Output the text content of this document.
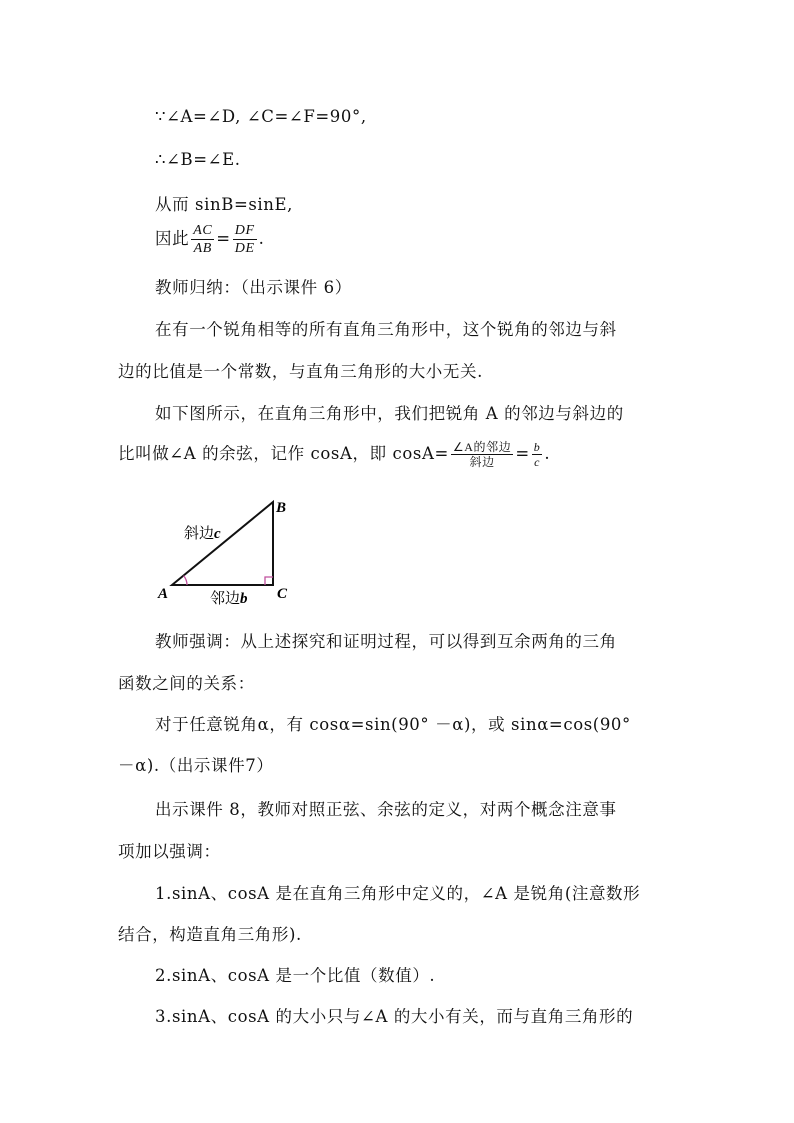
∵∠A=∠D, ∠C=∠F=90°,
∴∠B=∠E.
从而 sinB=sinE,
因此 $\frac{AC}{AB} = \frac{DF}{DE}$ .
教师归纳：（出示课件 6）
在有一个锐角相等的所有直角三角形中，这个锐角的邻边与斜
边的比值是一个常数，与直角三角形的大小无关.
如下图所示，在直角三角形中，我们把锐角 A 的邻边与斜边的
比叫做∠A 的余弦，记作 cosA，即 $\cos A= \frac{\text{∠A的邻边}}{\text{斜边}} = \frac{b}{c}$ .
B
A	C
斜边c
邻边b
教师强调：从上述探究和证明过程，可以得到互余两角的三角
函数之间的关系：
对于任意锐角α，有 cosα=sin(90° －α)，或 sinα=cos(90°
－α).（出示课件7）
出示课件 8，教师对照正弦、余弦的定义，对两个概念注意事
项加以强调：
1.sinA、cosA 是在直角三角形中定义的，∠A 是锐角(注意数形
结合，构造直角三角形).
2.sinA、cosA 是一个比值（数值）.
3.sinA、cosA 的大小只与∠A 的大小有关，而与直角三角形的
